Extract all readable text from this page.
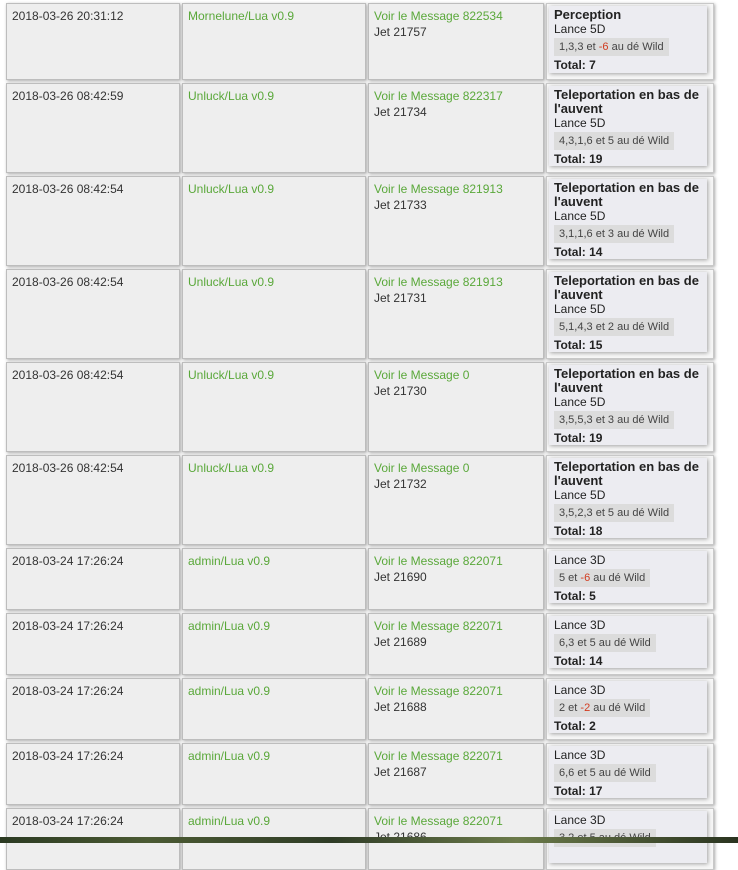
2018-03-26 20:31:12	Mornelune/Lua v0.9	Voir le Message 822534
Jet 21757
Perception
Lance 5D
1,3,3 et -6 au dé Wild
Total: 7
2018-03-26 08:42:59	Unluck/Lua v0.9	Voir le Message 822317
Jet 21734
Teleportation en bas de l'auvent
Lance 5D
4,3,1,6 et 5 au dé Wild
Total: 19
2018-03-26 08:42:54	Unluck/Lua v0.9	Voir le Message 821913
Jet 21733
Teleportation en bas de l'auvent
Lance 5D
3,1,1,6 et 3 au dé Wild
Total: 14
2018-03-26 08:42:54	Unluck/Lua v0.9	Voir le Message 821913
Jet 21731
Teleportation en bas de l'auvent
Lance 5D
5,1,4,3 et 2 au dé Wild
Total: 15
2018-03-26 08:42:54	Unluck/Lua v0.9	Voir le Message 0
Jet 21730
Teleportation en bas de l'auvent
Lance 5D
3,5,5,3 et 3 au dé Wild
Total: 19
2018-03-26 08:42:54	Unluck/Lua v0.9	Voir le Message 0
Jet 21732
Teleportation en bas de l'auvent
Lance 5D
3,5,2,3 et 5 au dé Wild
Total: 18
2018-03-24 17:26:24	admin/Lua v0.9	Voir le Message 822071
Jet 21690
Lance 3D
5 et -6 au dé Wild
Total: 5
2018-03-24 17:26:24	admin/Lua v0.9	Voir le Message 822071
Jet 21689
Lance 3D
6,3 et 5 au dé Wild
Total: 14
2018-03-24 17:26:24	admin/Lua v0.9	Voir le Message 822071
Jet 21688
Lance 3D
2 et -2 au dé Wild
Total: 2
2018-03-24 17:26:24	admin/Lua v0.9	Voir le Message 822071
Jet 21687
Lance 3D
6,6 et 5 au dé Wild
Total: 17
2018-03-24 17:26:24	admin/Lua v0.9	Voir le Message 822071	Lance 3D
